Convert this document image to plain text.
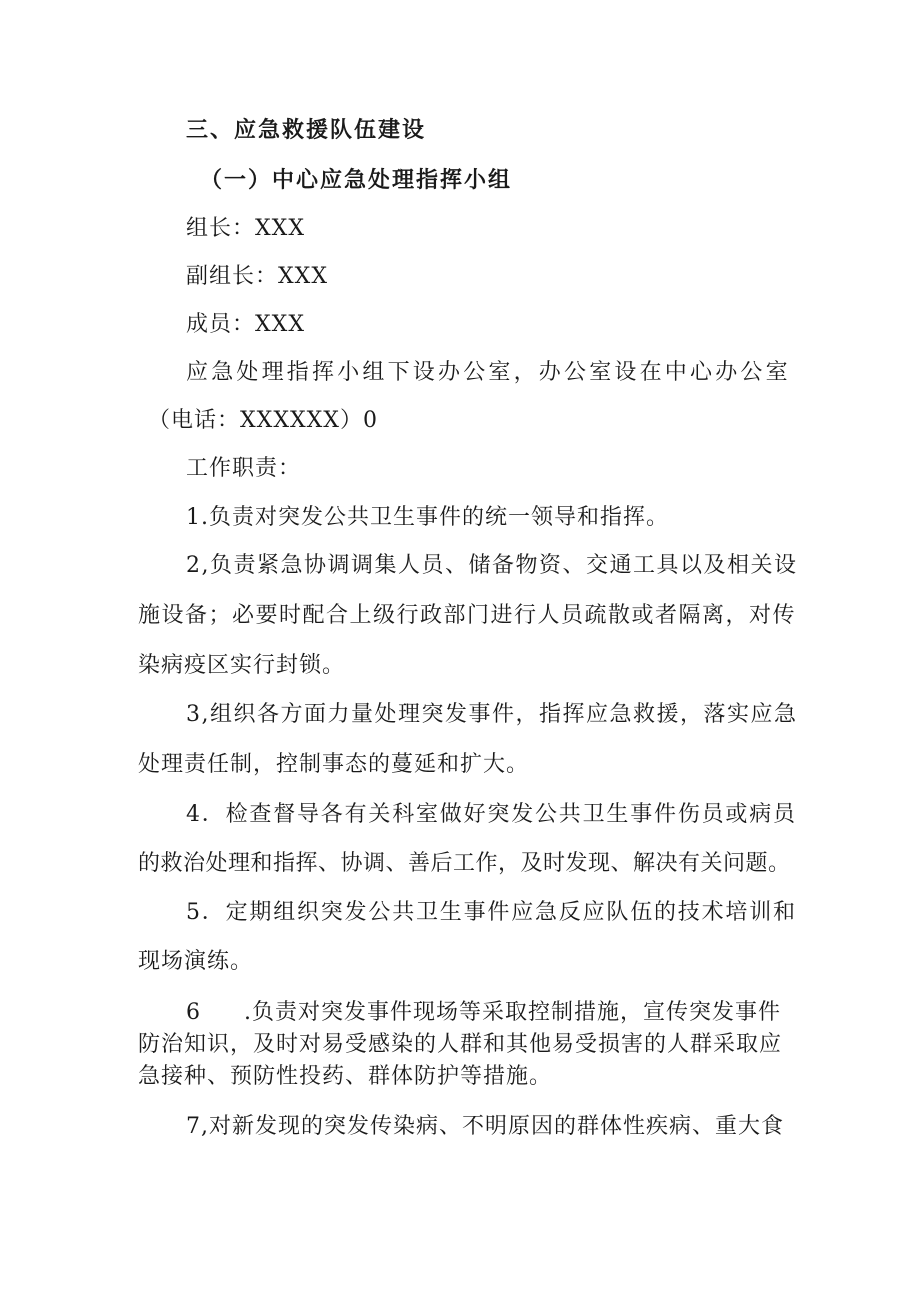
三、应急救援队伍建设
（一）中心应急处理指挥小组
组长：XXX
副组长：XXX
成员：XXX
应急处理指挥小组下设办公室，办公室设在中心办公室
（电话：XXXXXX）0
工作职责：
1.负责对突发公共卫生事件的统一领导和指挥。
2,负责紧急协调调集人员、储备物资、交通工具以及相关设
施设备；必要时配合上级行政部门进行人员疏散或者隔离，对传
染病疫区实行封锁。
3,组织各方面力量处理突发事件，指挥应急救援，落实应急
处理责任制，控制事态的蔓延和扩大。
4．检查督导各有关科室做好突发公共卫生事件伤员或病员
的救治处理和指挥、协调、善后工作，及时发现、解决有关问题。
5．定期组织突发公共卫生事件应急反应队伍的技术培训和
现场演练。
6 .负责对突发事件现场等采取控制措施，宣传突发事件
防治知识，及时对易受感染的人群和其他易受损害的人群采取应
急接种、预防性投药、群体防护等措施。
7,对新发现的突发传染病、不明原因的群体性疾病、重大食
